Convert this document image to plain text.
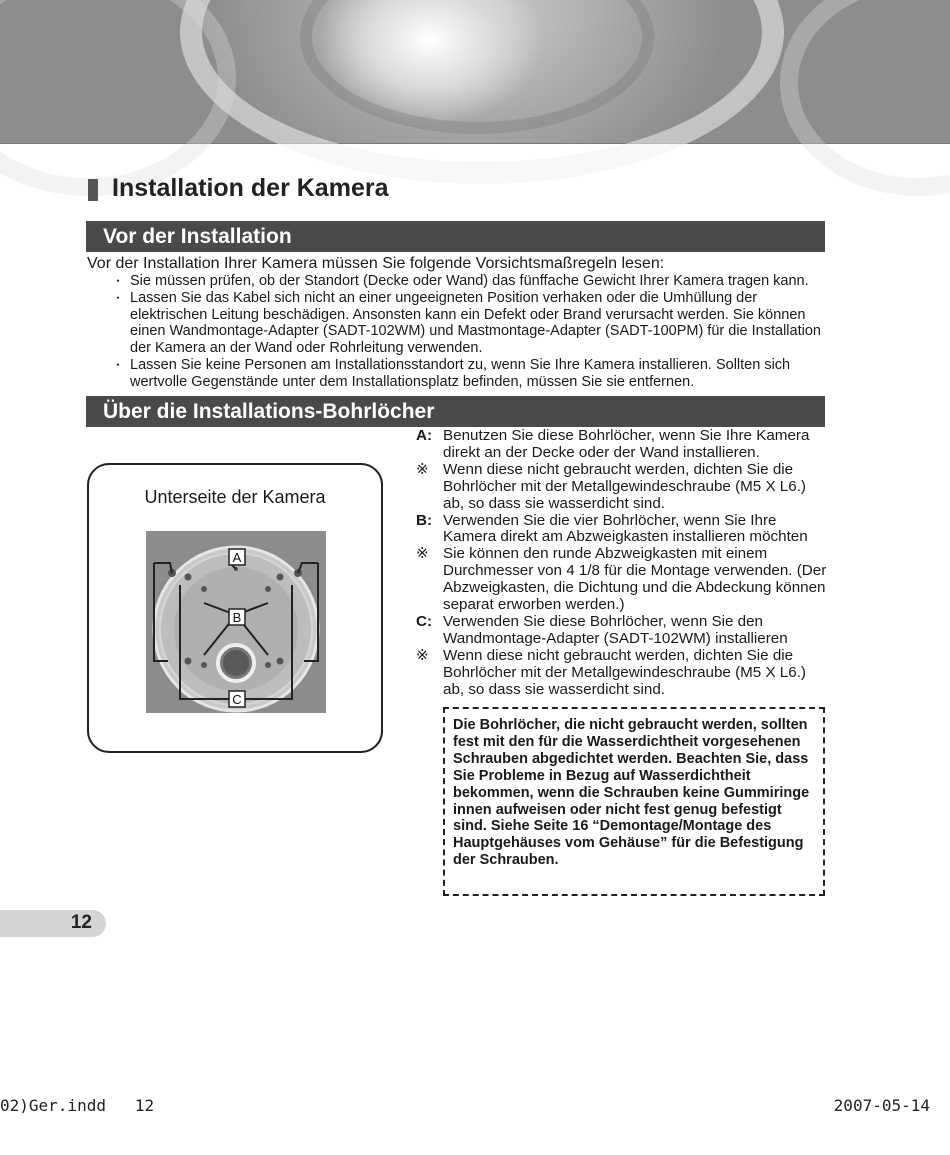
Installation der Kamera
Vor der Installation
Vor der Installation Ihrer Kamera müssen Sie folgende Vorsichtsmaßregeln lesen:
・ Sie müssen prüfen, ob der Standort (Decke oder Wand) das fünffache Gewicht Ihrer Kamera tragen kann.
・ Lassen Sie das Kabel sich nicht an einer ungeeigneten Position verhaken oder die Umhüllung der elektrischen Leitung beschädigen. Ansonsten kann ein Defekt oder Brand verursacht werden. Sie können einen Wandmontage-Adapter (SADT-102WM) und Mastmontage-Adapter (SADT-100PM) für die Installation der Kamera an der Wand oder Rohrleitung verwenden.
・ Lassen Sie keine Personen am Installationsstandort zu, wenn Sie Ihre Kamera installieren. Sollten sich wertvolle Gegenstände unter dem Installationsplatz befinden, müssen Sie sie entfernen.
Über die Installations-Bohrlöcher
Unterseite der Kamera
A
B
C
A: Benutzen Sie diese Bohrlöcher, wenn Sie Ihre Kamera direkt an der Decke oder der Wand installieren.
※ Wenn diese nicht gebraucht werden, dichten Sie die Bohrlöcher mit der Metallgewindeschraube (M5 X L6.) ab, so dass sie wasserdicht sind.
B: Verwenden Sie die vier Bohrlöcher, wenn Sie Ihre Kamera direkt am Abzweigkasten installieren möchten
※ Sie können den runde Abzweigkasten mit einem Durchmesser von 4 1/8 für die Montage verwenden. (Der Abzweigkasten, die Dichtung und die Abdeckung können separat erworben werden.)
C: Verwenden Sie diese Bohrlöcher, wenn Sie den Wandmontage-Adapter (SADT-102WM) installieren
※ Wenn diese nicht gebraucht werden, dichten Sie die Bohrlöcher mit der Metallgewindeschraube (M5 X L6.) ab, so dass sie wasserdicht sind.
Die Bohrlöcher, die nicht gebraucht werden, sollten fest mit den für die Wasserdichtheit vorgesehenen Schrauben abgedichtet werden. Beachten Sie, dass Sie Probleme in Bezug auf Wasserdichtheit bekommen, wenn die Schrauben keine Gummiringe innen aufweisen oder nicht fest genug befestigt sind. Siehe Seite 16 “Demontage/Montage des Hauptgehäuses vom Gehäuse” für die Befestigung der Schrauben.
12
02)Ger.indd   12	2007-05-14
